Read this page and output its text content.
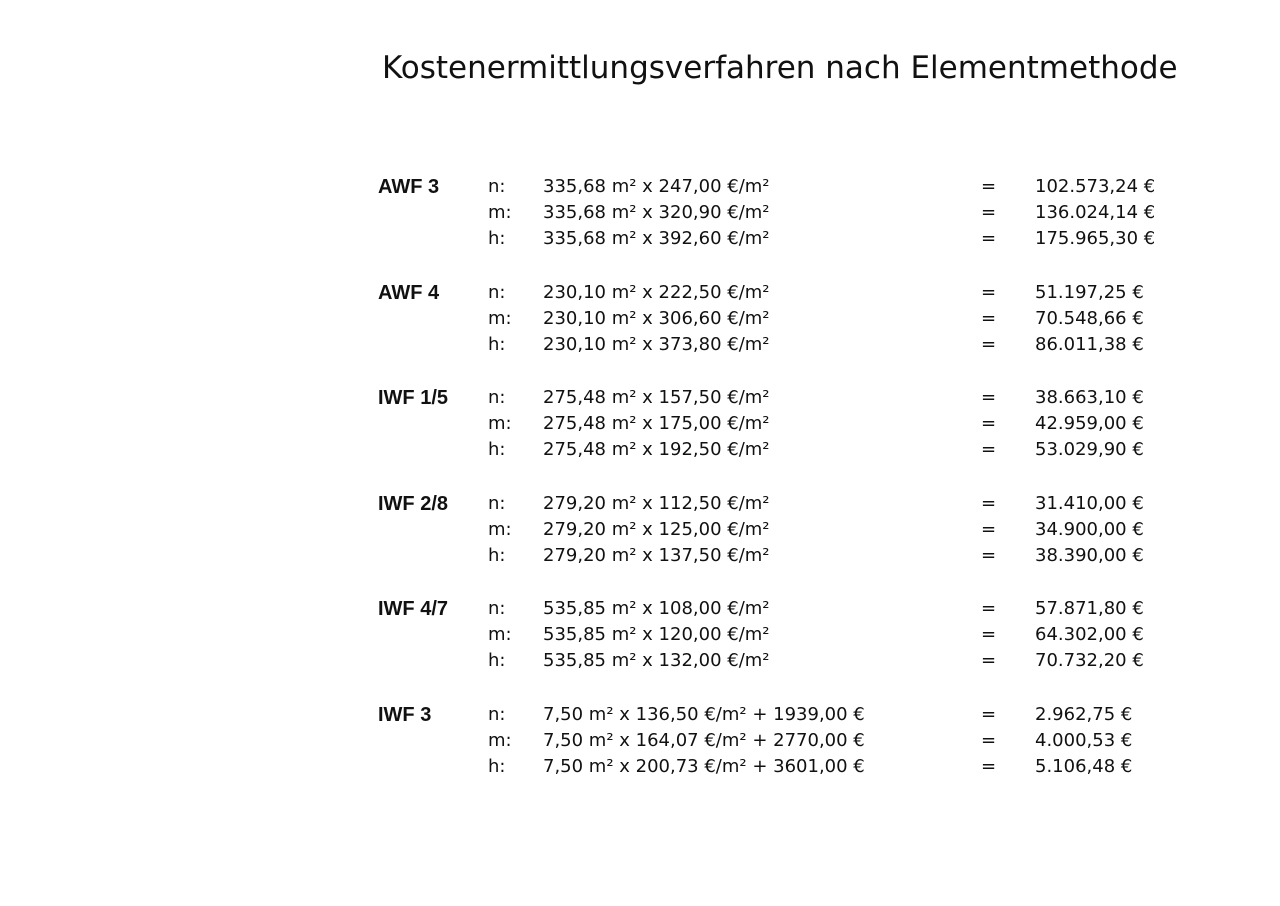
Kostenermittlungsverfahren nach Elementmethode
AWF 3	n: 335,68 m² x 247,00 €/m²	= 102.573,24 €
m: 335,68 m² x 320,90 €/m²	= 136.024,14 €
h: 335,68 m² x 392,60 €/m²	= 175.965,30 €
AWF 4	n: 230,10 m² x 222,50 €/m²	= 51.197,25 €
m: 230,10 m² x 306,60 €/m²	= 70.548,66 €
h: 230,10 m² x 373,80 €/m²	= 86.011,38 €
IWF 1/5 n: 275,48 m² x 157,50 €/m²	= 38.663,10 €
m: 275,48 m² x 175,00 €/m²	= 42.959,00 €
h: 275,48 m² x 192,50 €/m²	= 53.029,90 €
IWF 2/8 n: 279,20 m² x 112,50 €/m²	= 31.410,00 €
m: 279,20 m² x 125,00 €/m²	= 34.900,00 €
h: 279,20 m² x 137,50 €/m²	= 38.390,00 €
IWF 4/7 n: 535,85 m² x 108,00 €/m²	= 57.871,80 €
m: 535,85 m² x 120,00 €/m²	= 64.302,00 €
h: 535,85 m² x 132,00 €/m²	= 70.732,20 €
IWF 3	n: 7,50 m² x 136,50 €/m² + 1939,00 €	= 2.962,75 €
m: 7,50 m² x 164,07 €/m² + 2770,00 €	= 4.000,53 €
h: 7,50 m² x 200,73 €/m² + 3601,00 €	= 5.106,48 €
